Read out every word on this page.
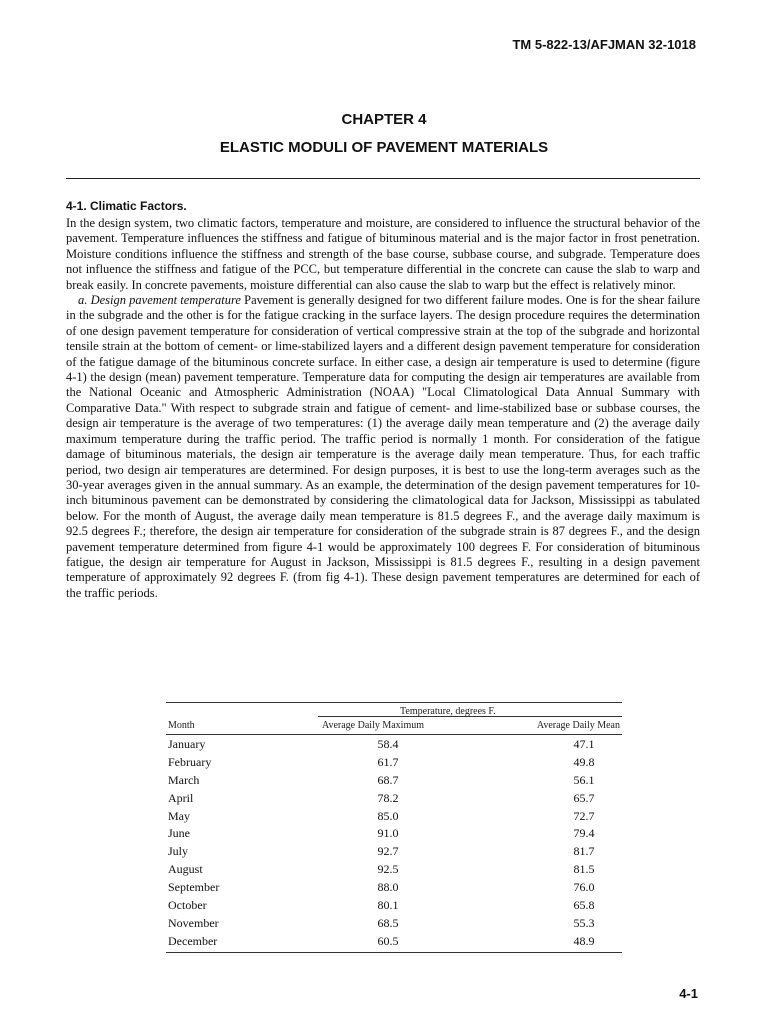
TM 5-822-13/AFJMAN 32-1018
CHAPTER 4
ELASTIC MODULI OF PAVEMENT MATERIALS
4-1. Climatic Factors.

In the design system, two climatic factors, temperature and moisture, are considered to influence the structural behavior of the pavement. Temperature influences the stiffness and fatigue of bituminous material and is the major factor in frost penetration. Moisture conditions influence the stiffness and strength of the base course, subbase course, and subgrade. Temperature does not influence the stiffness and fatigue of the PCC, but temperature differential in the concrete can cause the slab to warp and break easily. In concrete pavements, moisture differential can also cause the slab to warp but the effect is relatively minor.

a. Design pavement temperature Pavement is generally designed for two different failure modes. One is for the shear failure in the subgrade and the other is for the fatigue cracking in the surface layers. The design procedure requires the determination of one design pavement temperature for consideration of vertical compressive strain at the top of the subgrade and horizontal tensile strain at the bottom of cement- or lime-stabilized layers and a different design pavement temperature for consideration of the fatigue damage of the bituminous concrete surface. In either case, a design air temperature is used to determine (figure 4-1) the design (mean) pavement temperature. Temperature data for computing the design air temperatures are available from the National Oceanic and Atmospheric Administration (NOAA) "Local Climatological Data Annual Summary with Comparative Data." With respect to subgrade strain and fatigue of cement- and lime-stabilized base or subbase courses, the design air temperature is the average of two temperatures: (1) the average daily mean temperature and (2) the average daily maximum temperature during the traffic period. The traffic period is normally 1 month. For consideration of the fatigue damage of bituminous materials, the design air temperature is the average daily mean temperature. Thus, for each traffic period, two design air temperatures are determined. For design purposes, it is best to use the long-term averages such as the 30-year averages given in the annual summary. As an example, the determination of the design pavement temperatures for 10-inch bituminous pavement can be demonstrated by considering the climatological data for Jackson, Mississippi as tabulated below. For the month of August, the average daily mean temperature is 81.5 degrees F., and the average daily maximum is 92.5 degrees F.; therefore, the design air temperature for consideration of the subgrade strain is 87 degrees F., and the design pavement temperature determined from figure 4-1 would be approximately 100 degrees F. For consideration of bituminous fatigue, the design air temperature for August in Jackson, Mississippi is 81.5 degrees F., resulting in a design pavement temperature of approximately 92 degrees F. (from fig 4-1). These design pavement temperatures are determined for each of the traffic periods.

Temperature, degrees F.
Month	Average Daily Maximum	Average Daily Mean
January	58.4	47.1
February	61.7	49.8
March	68.7	56.1
April	78.2	65.7
May	85.0	72.7
June	91.0	79.4
July	92.7	81.7
August	92.5	81.5
September	88.0	76.0
October	80.1	65.8
November	68.5	55.3
December	60.5	48.9
4-1
